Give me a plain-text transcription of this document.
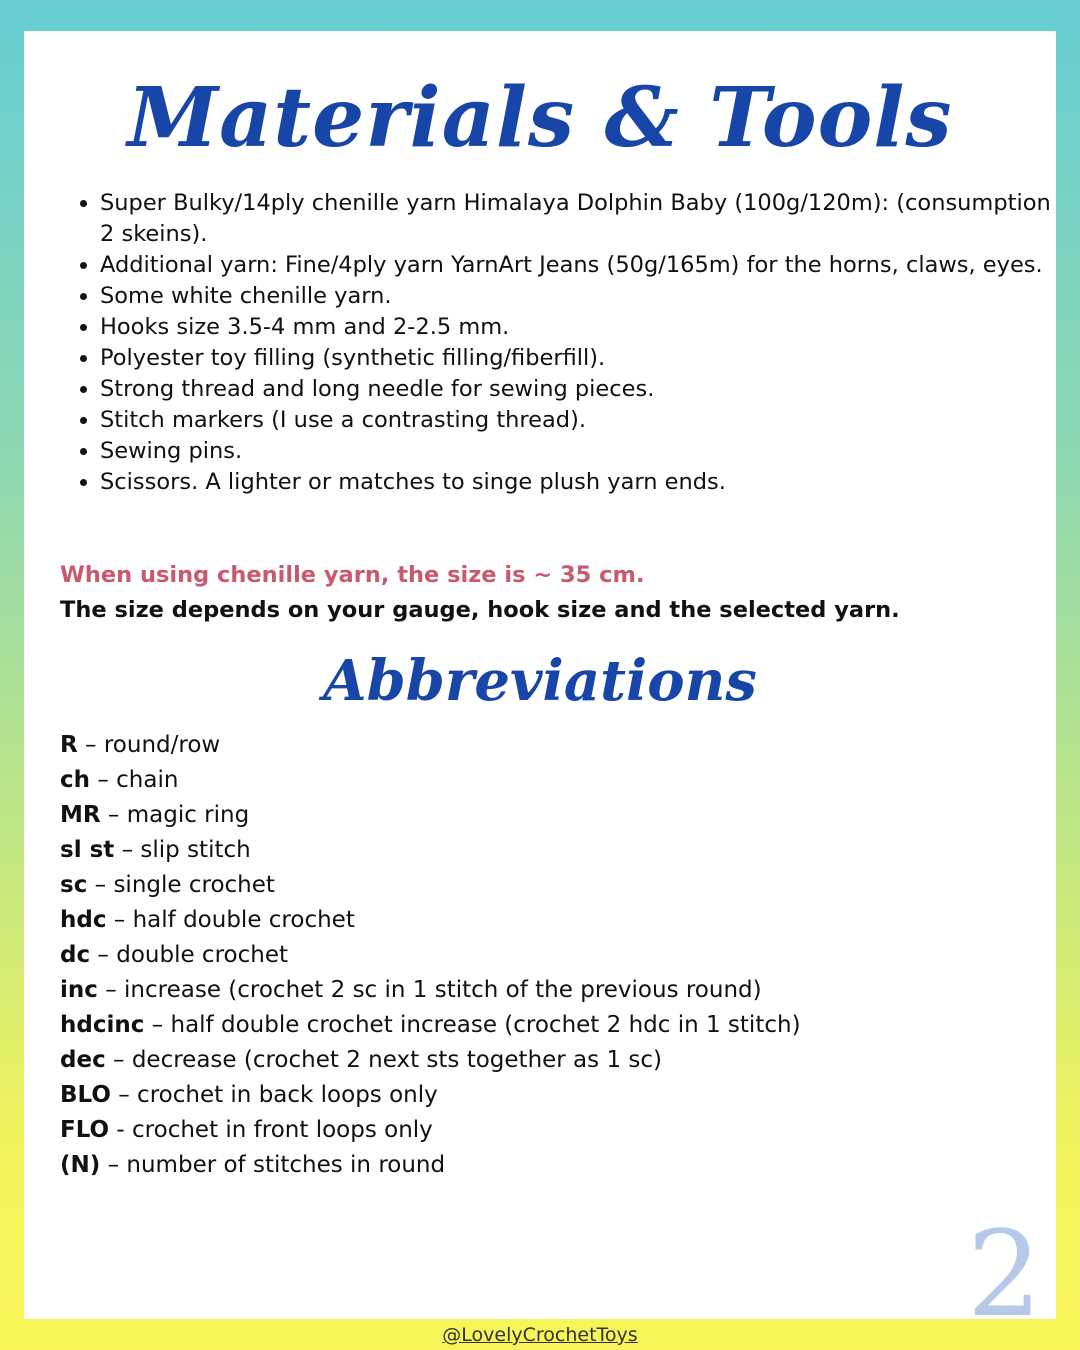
Materials & Tools
• Super Bulky/14ply chenille yarn Himalaya Dolphin Baby (100g/120m): (consumption 2 skeins).
• Additional yarn: Fine/4ply yarn YarnArt Jeans (50g/165m) for the horns, claws, eyes.
• Some white chenille yarn.
• Hooks size 3.5-4 mm and 2-2.5 mm.
• Polyester toy filling (synthetic filling/fiberfill).
• Strong thread and long needle for sewing pieces.
• Stitch markers (I use a contrasting thread).
• Sewing pins.
• Scissors. A lighter or matches to singe plush yarn ends.
When using chenille yarn, the size is ~ 35 cm.
The size depends on your gauge, hook size and the selected yarn.
Abbreviations
R – round/row
ch – chain
MR – magic ring
sl st – slip stitch
sc – single crochet
hdc – half double crochet
dc – double crochet
inc – increase (crochet 2 sc in 1 stitch of the previous round)
hdcinc – half double crochet increase (crochet 2 hdc in 1 stitch)
dec – decrease (crochet 2 next sts together as 1 sc)
BLO – crochet in back loops only
FLO - crochet in front loops only
(N) – number of stitches in round
2
@LovelyCrochetToys
